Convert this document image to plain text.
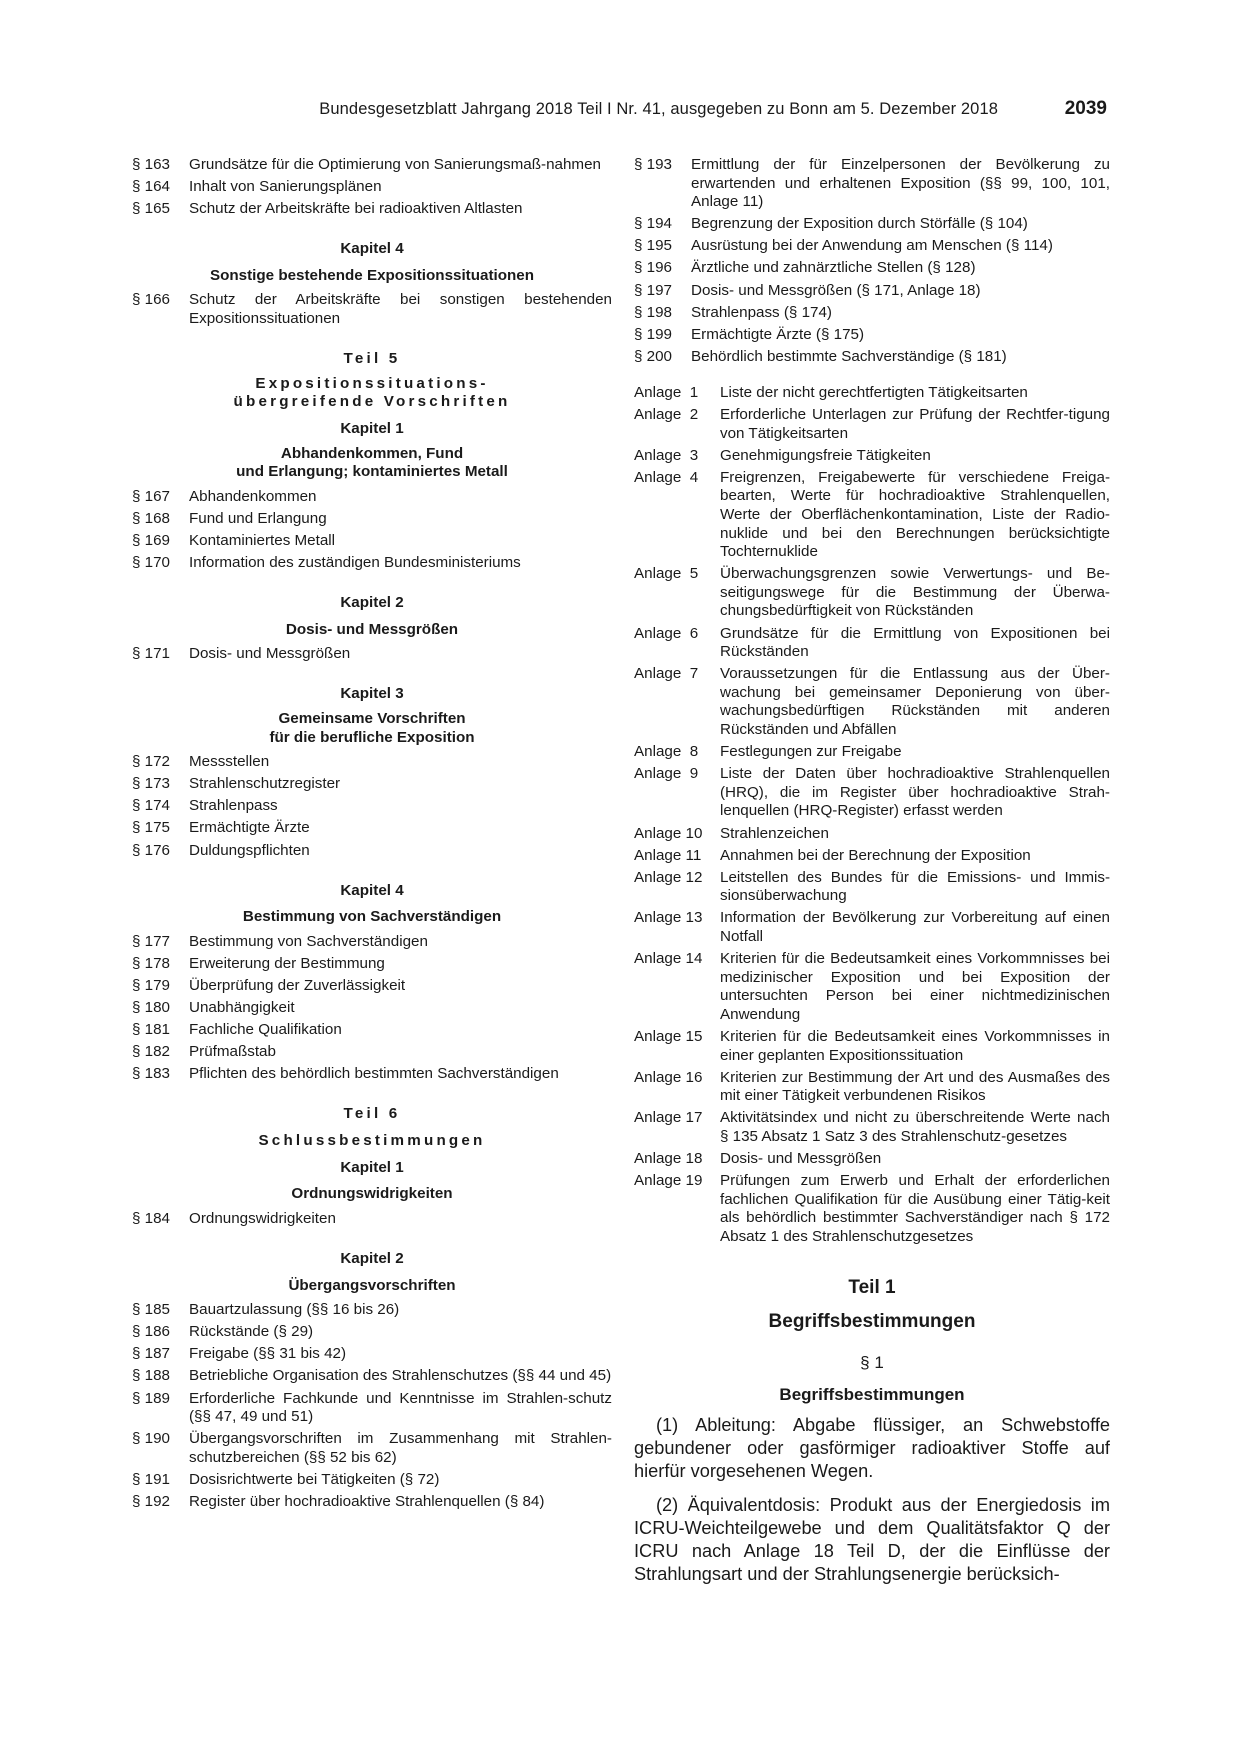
Bundesgesetzblatt Jahrgang 2018 Teil I Nr. 41, ausgegeben zu Bonn am 5. Dezember 2018	2039
§ 163	Grundsätze für die Optimierung von Sanierungsmaß-nahmen
§ 164	Inhalt von Sanierungsplänen
§ 165	Schutz der Arbeitskräfte bei radioaktiven Altlasten
Kapitel 4
Sonstige bestehende Expositionssituationen
§ 166	Schutz der Arbeitskräfte bei sonstigen bestehenden Expositionssituationen
Teil 5
Expositionssituations-
übergreifende Vorschriften
Kapitel 1
Abhandenkommen, Fund
und Erlangung; kontaminiertes Metall
§ 167	Abhandenkommen
§ 168	Fund und Erlangung
§ 169	Kontaminiertes Metall
§ 170	Information des zuständigen Bundesministeriums
Kapitel 2
Dosis- und Messgrößen
§ 171	Dosis- und Messgrößen
Kapitel 3
Gemeinsame Vorschriften
für die berufliche Exposition
§ 172	Messstellen
§ 173	Strahlenschutzregister
§ 174	Strahlenpass
§ 175	Ermächtigte Ärzte
§ 176	Duldungspflichten
Kapitel 4
Bestimmung von Sachverständigen
§ 177	Bestimmung von Sachverständigen
§ 178	Erweiterung der Bestimmung
§ 179	Überprüfung der Zuverlässigkeit
§ 180	Unabhängigkeit
§ 181	Fachliche Qualifikation
§ 182	Prüfmaßstab
§ 183	Pflichten des behördlich bestimmten Sachverständigen
Teil 6
Schlussbestimmungen
Kapitel 1
Ordnungswidrigkeiten
§ 184	Ordnungswidrigkeiten
Kapitel 2
Übergangsvorschriften
§ 185	Bauartzulassung (§§ 16 bis 26)
§ 186	Rückstände (§ 29)
§ 187	Freigabe (§§ 31 bis 42)
§ 188	Betriebliche Organisation des Strahlenschutzes (§§ 44 und 45)
§ 189	Erforderliche Fachkunde und Kenntnisse im Strahlen-schutz (§§ 47, 49 und 51)
§ 190	Übergangsvorschriften im Zusammenhang mit Strahlen-schutzbereichen (§§ 52 bis 62)
§ 191	Dosisrichtwerte bei Tätigkeiten (§ 72)
§ 192	Register über hochradioaktive Strahlenquellen (§ 84)
§ 193	Ermittlung der für Einzelpersonen der Bevölkerung zu erwartenden und erhaltenen Exposition (§§ 99, 100, 101, Anlage 11)
§ 194	Begrenzung der Exposition durch Störfälle (§ 104)
§ 195	Ausrüstung bei der Anwendung am Menschen (§ 114)
§ 196	Ärztliche und zahnärztliche Stellen (§ 128)
§ 197	Dosis- und Messgrößen (§ 171, Anlage 18)
§ 198	Strahlenpass (§ 174)
§ 199	Ermächtigte Ärzte (§ 175)
§ 200	Behördlich bestimmte Sachverständige (§ 181)
Anlage  1	Liste der nicht gerechtfertigten Tätigkeitsarten
Anlage  2	Erforderliche Unterlagen zur Prüfung der Rechtfer-tigung von Tätigkeitsarten
Anlage  3	Genehmigungsfreie Tätigkeiten
Anlage  4	Freigrenzen, Freigabewerte für verschiedene Freiga-bearten, Werte für hochradioaktive Strahlenquellen, Werte der Oberflächenkontamination, Liste der Radio-nuklide und bei den Berechnungen berücksichtigte Tochternuklide
Anlage  5	Überwachungsgrenzen sowie Verwertungs- und Be-seitigungswege für die Bestimmung der Überwa-chungsbedürftigkeit von Rückständen
Anlage  6	Grundsätze für die Ermittlung von Expositionen bei Rückständen
Anlage  7	Voraussetzungen für die Entlassung aus der Über-wachung bei gemeinsamer Deponierung von über-wachungsbedürftigen Rückständen mit anderen Rückständen und Abfällen
Anlage  8	Festlegungen zur Freigabe
Anlage  9	Liste der Daten über hochradioaktive Strahlenquellen (HRQ), die im Register über hochradioaktive Strah-lenquellen (HRQ-Register) erfasst werden
Anlage 10	Strahlenzeichen
Anlage 11	Annahmen bei der Berechnung der Exposition
Anlage 12	Leitstellen des Bundes für die Emissions- und Immis-sionsüberwachung
Anlage 13	Information der Bevölkerung zur Vorbereitung auf einen Notfall
Anlage 14	Kriterien für die Bedeutsamkeit eines Vorkommnisses bei medizinischer Exposition und bei Exposition der untersuchten Person bei einer nichtmedizinischen Anwendung
Anlage 15	Kriterien für die Bedeutsamkeit eines Vorkommnisses in einer geplanten Expositionssituation
Anlage 16	Kriterien zur Bestimmung der Art und des Ausmaßes des mit einer Tätigkeit verbundenen Risikos
Anlage 17	Aktivitätsindex und nicht zu überschreitende Werte nach § 135 Absatz 1 Satz 3 des Strahlenschutz-gesetzes
Anlage 18	Dosis- und Messgrößen
Anlage 19	Prüfungen zum Erwerb und Erhalt der erforderlichen fachlichen Qualifikation für die Ausübung einer Tätig-keit als behördlich bestimmter Sachverständiger nach § 172 Absatz 1 des Strahlenschutzgesetzes
Teil 1
Begriffsbestimmungen
§ 1
Begriffsbestimmungen

(1) Ableitung: Abgabe flüssiger, an Schwebstoffe gebundener oder gasförmiger radioaktiver Stoffe auf hierfür vorgesehenen Wegen.

(2) Äquivalentdosis: Produkt aus der Energiedosis im ICRU-Weichteilgewebe und dem Qualitätsfaktor Q der ICRU nach Anlage 18 Teil D, der die Einflüsse der Strahlungsart und der Strahlungsenergie berücksich-
